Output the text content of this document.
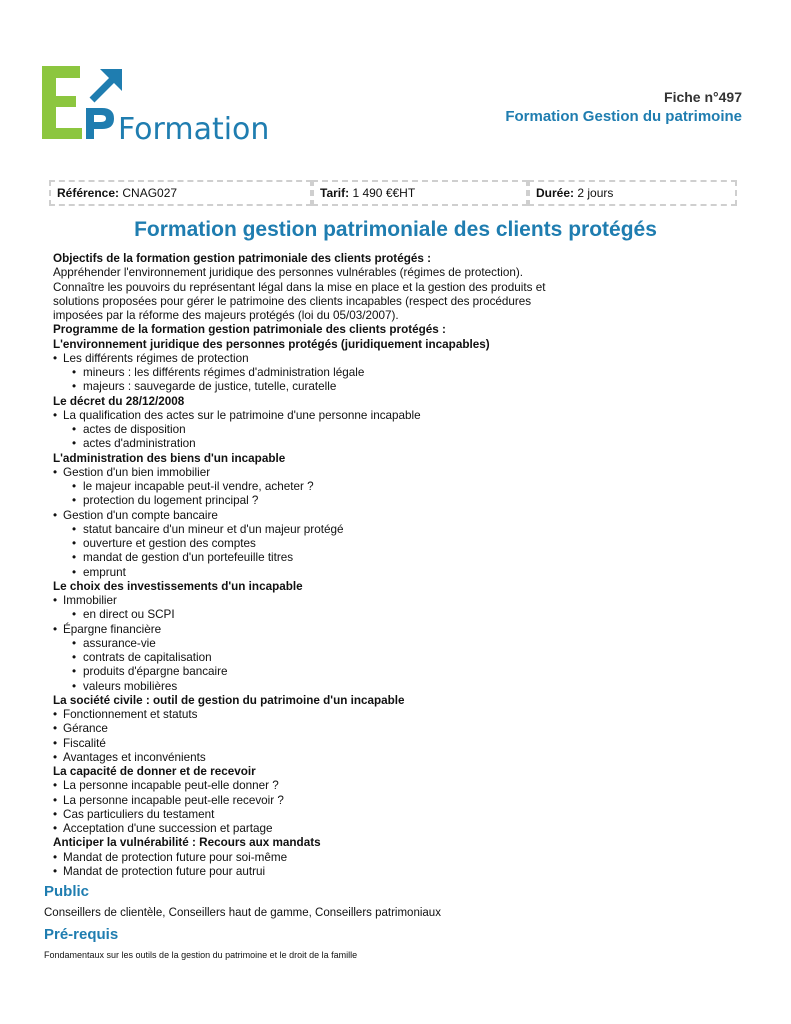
Formation
Fiche n°497
Formation Gestion du patrimoine
Référence: CNAG027	Tarif: 1 490 €€HT	Durée: 2 jours
Formation gestion patrimoniale des clients protégés

Objectifs de la formation gestion patrimoniale des clients protégés :

Appréhender l'environnement juridique des personnes vulnérables (régimes de protection).

Connaître les pouvoirs du représentant légal dans la mise en place et la gestion des produits et solutions proposées pour gérer le patrimoine des clients incapables (respect des procédures imposées par la réforme des majeurs protégés (loi du 05/03/2007).

Programme de la formation gestion patrimoniale des clients protégés :

L'environnement juridique des personnes protégés (juridiquement incapables)

• Les différents régimes de protection
• mineurs : les différents régimes d'administration légale
• majeurs : sauvegarde de justice, tutelle, curatelle

Le décret du 28/12/2008

• La qualification des actes sur le patrimoine d'une personne incapable
• actes de disposition
• actes d'administration

L'administration des biens d'un incapable

• Gestion d'un bien immobilier
• le majeur incapable peut-il vendre, acheter ?
• protection du logement principal ?
• Gestion d'un compte bancaire
• statut bancaire d'un mineur et d'un majeur protégé
• ouverture et gestion des comptes
• mandat de gestion d'un portefeuille titres
• emprunt

Le choix des investissements d'un incapable

• Immobilier
• en direct ou SCPI
• Épargne financière
• assurance-vie
• contrats de capitalisation
• produits d'épargne bancaire
• valeurs mobilières

La société civile : outil de gestion du patrimoine d'un incapable

• Fonctionnement et statuts
• Gérance
• Fiscalité
• Avantages et inconvénients

La capacité de donner et de recevoir

• La personne incapable peut-elle donner ?
• La personne incapable peut-elle recevoir ?
• Cas particuliers du testament
• Acceptation d'une succession et partage

Anticiper la vulnérabilité : Recours aux mandats

• Mandat de protection future pour soi-même
• Mandat de protection future pour autrui
Public
Conseillers de clientèle, Conseillers haut de gamme, Conseillers patrimoniaux
Pré-requis
Fondamentaux sur les outils de la gestion du patrimoine et le droit de la famille
